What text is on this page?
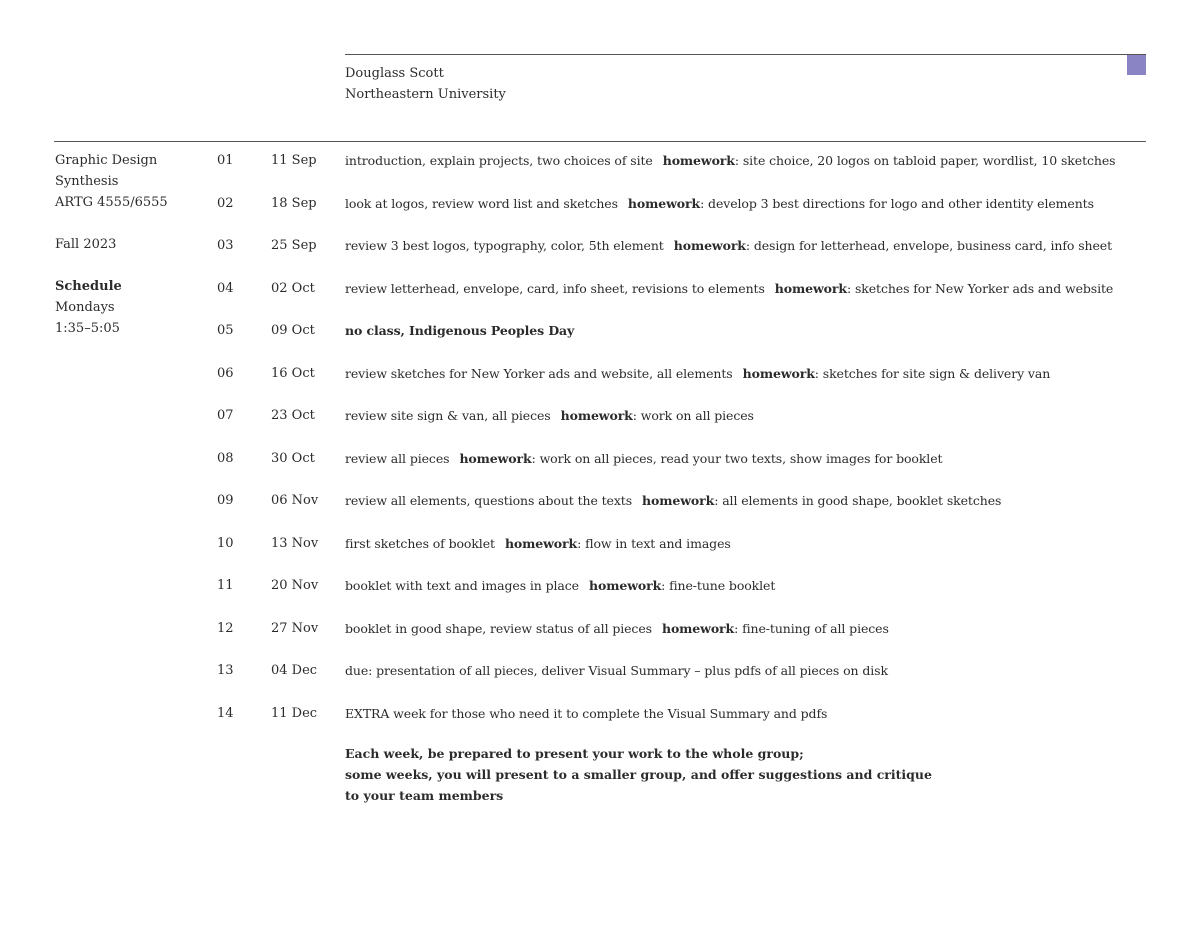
Douglass Scott
Northeastern University
Graphic Design
Synthesis
ARTG 4555/6555
Fall 2023
Schedule
Mondays
1:35–5:05
01	11 Sep introduction, explain projects, two choices of site homework: site choice, 20 logos on tabloid paper, wordlist, 10 sketches
02	18 Sep look at logos, review word list and sketches homework: develop 3 best directions for logo and other identity elements
03	25 Sep review 3 best logos, typography, color, 5th element homework: design for letterhead, envelope, business card, info sheet
04	02 Oct review letterhead, envelope, card, info sheet, revisions to elements homework: sketches for New Yorker ads and website
05	09 Oct no class, Indigenous Peoples Day
06	16 Oct review sketches for New Yorker ads and website, all elements homework: sketches for site sign & delivery van
07	23 Oct review site sign & van, all pieces homework: work on all pieces
08	30 Oct review all pieces homework: work on all pieces, read your two texts, show images for booklet
09	06 Nov review all elements, questions about the texts homework: all elements in good shape, booklet sketches
10	13 Nov first sketches of booklet homework: flow in text and images
11	20 Nov booklet with text and images in place homework: fine-tune booklet
12	27 Nov booklet in good shape, review status of all pieces homework: fine-tuning of all pieces
13	04 Dec due: presentation of all pieces, deliver Visual Summary – plus pdfs of all pieces on disk
14	11 Dec EXTRA week for those who need it to complete the Visual Summary and pdfs
Each week, be prepared to present your work to the whole group;
some weeks, you will present to a smaller group, and offer suggestions and critique
to your team members
